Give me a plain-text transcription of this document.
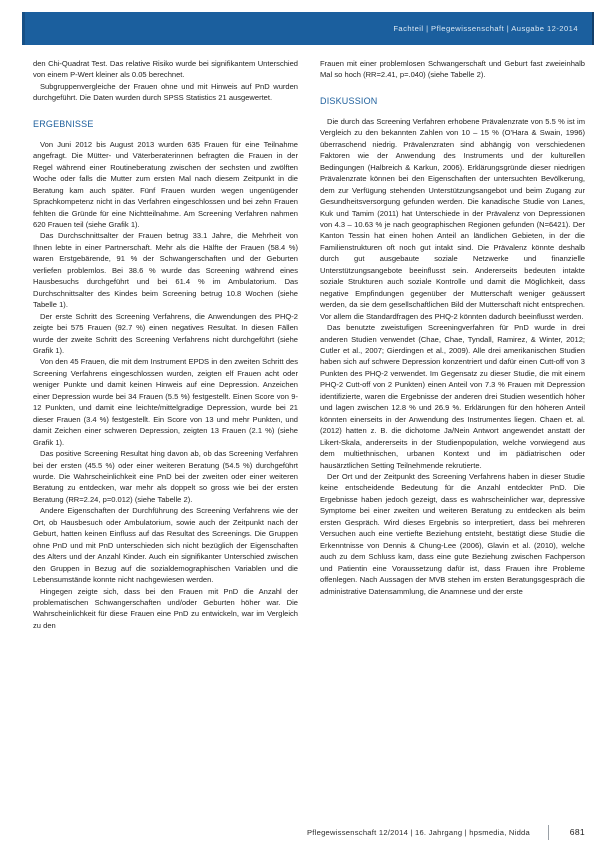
Fachteil | Pflegewissenschaft | Ausgabe 12-2014

den Chi-Quadrat Test. Das relative Risiko wurde bei signifikantem Unterschied von einem P-Wert kleiner als 0.05 berechnet.

Subgruppenvergleiche der Frauen ohne und mit Hinweis auf PnD wurden durchgeführt. Die Daten wurden durch SPSS Statistics 21 ausgewertet.

ergebnisse

Von Juni 2012 bis August 2013 wurden 635 Frauen für eine Teilnahme angefragt. Die Mütter- und Väterberaterinnen befragten die Frauen in der Regel während einer Routineberatung zwischen der sechsten und zwölften Woche oder falls die Mutter zum ersten Mal nach diesem Zeitpunkt in die Beratung kam auch später. Fünf Frauen wurden wegen ungenügender Sprachkompetenz nicht in das Verfahren eingeschlossen und bei zehn Frauen fehlten die Gründe für eine Nichtteilnahme. Am Screening Verfahren nahmen 620 Frauen teil (siehe Grafik 1).

Das Durchschnittsalter der Frauen betrug 33.1 Jahre, die Mehrheit von Ihnen lebte in einer Partnerschaft. Mehr als die Hälfte der Frauen (58.4 %) waren Erstgebärende, 91 % der Schwangerschaften und der Geburten verliefen problemlos. Bei 38.6 % wurde das Screening während eines Hausbesuchs durchgeführt und bei 61.4 % im Ambulatorium. Das Durchschnittsalter des Kindes beim Screening betrug 10.8 Wochen (siehe Tabelle 1).

Der erste Schritt des Screening Verfahrens, die Anwendungen des PHQ-2 zeigte bei 575 Frauen (92.7 %) einen negatives Resultat. In diesen Fällen wurde der zweite Schritt des Screening Verfahrens nicht durchgeführt (siehe Grafik 1).

Von den 45 Frauen, die mit dem Instrument EPDS in den zweiten Schritt des Screening Verfahrens eingeschlossen wurden, zeigten elf Frauen acht oder weniger Punkte und damit keinen Hinweis auf eine Depression. Anzeichen einer Depression wurde bei 34 Frauen (5.5 %) festgestellt. Einen Score von 9-12 Punkten, und damit eine leichte/mittelgradige Depression, wurde bei 21 dieser Frauen (3.4 %) festgestellt. Ein Score von 13 und mehr Punkten, und damit Zeichen einer schweren Depression, zeigten 13 Frauen (2.1 %) (siehe Grafik 1).

Das positive Screening Resultat hing davon ab, ob das Screening Verfahren bei der ersten (45.5 %) oder einer weiteren Beratung (54.5 %) durchgeführt wurde. Die Wahrscheinlichkeit eine PnD bei der zweiten oder einer weiteren Beratung zu entdecken, war mehr als doppelt so gross wie bei der ersten Beratung (RR=2.24, p=0.012) (siehe Tabelle 2).

Andere Eigenschaften der Durchführung des Screening Verfahrens wie der Ort, ob Hausbesuch oder Ambulatorium, sowie auch der Zeitpunkt nach der Geburt, hatten keinen Einfluss auf das Resultat des Screenings. Die Gruppen ohne PnD und mit PnD unterschieden sich nicht bezüglich der Eigenschaften des Alters und der Anzahl Kinder. Auch ein signifikanter Unterschied zwischen den Gruppen in Bezug auf die sozialdemographischen Variablen und die Lebensumstände konnte nicht nachgewiesen werden.

Hingegen zeigte sich, dass bei den Frauen mit PnD die Anzahl der problematischen Schwangerschaften und/oder Geburten höher war. Die Wahrscheinlichkeit für diese Frauen eine PnD zu entwickeln, war im Vergleich zu den

Frauen mit einer problemlosen Schwangerschaft und Geburt fast zweieinhalb Mal so hoch (RR=2.41, p=.040) (siehe Tabelle 2).

diskussion

Die durch das Screening Verfahren erhobene Prävalenzrate von 5.5 % ist im Vergleich zu den bekannten Zahlen von 10 – 15 % (O'Hara & Swain, 1996) überraschend niedrig. Prävalenzraten sind abhängig von verschiedenen Faktoren wie der Anwendung des Instruments und der kulturellen Bedingungen (Halbreich & Karkun, 2006). Erklärungsgründe dieser niedrigen Prävalenzrate können bei den Eigenschaften der untersuchten Bevölkerung, dem zur Verfügung stehenden Unterstützungsangebot und beim Zugang zur Gesundheitsversorgung gefunden werden. Die kanadische Studie von Lanes, Kuk und Tamim (2011) hat Unterschiede in der Prävalenz von Depressionen von 4.3 – 10.63 % je nach geographischen Regionen gefunden (N=6421). Der Kanton Tessin hat einen hohen Anteil an ländlichen Gebieten, in der die Familienstrukturen oft noch gut intakt sind. Die Prävalenz könnte deshalb durch gut ausgebaute soziale Netzwerke und finanzielle Unterstützungsangebote beeinflusst sein. Andererseits bedeuten intakte soziale Strukturen auch soziale Kontrolle und damit die Möglichkeit, dass negative Empfindungen gegenüber der Mutterschaft weniger geäussert werden, da sie dem gesellschaftlichen Bild der Mutterschaft nicht entsprechen. Vor allem die Standardfragen des PHQ-2 könnten dadurch beeinflusst werden.

Das benutzte zweistufigen Screeningverfahren für PnD wurde in drei anderen Studien verwendet (Chae, Chae, Tyndall, Ramirez, & Winter, 2012; Cutler et al., 2007; Gierdingen et al., 2009). Alle drei amerikanischen Studien haben sich auf schwere Depression konzentriert und dafür einen Cutt-off von 3 Punkten des PHQ-2 verwendet. Im Gegensatz zu dieser Studie, die mit einem PHQ-2 Cutt-off von 2 Punkten) einen Anteil von 7.3 % Frauen mit Depression identifizierte, waren die Ergebnisse der anderen drei Studien wesentlich höher und lagen zwischen 12.8 % und 26.9 %. Erklärungen für den höheren Anteil könnten einerseits in der Anwendung des Instrumentes liegen. Chaen et. al. (2012) hatten z. B. die dichotome Ja/Nein Antwort angewendet anstatt der Likert-Skala, andererseits in der Studienpopulation, welche vorwiegend aus dem multiethnischen, urbanen Kontext und im pädiatrischen oder hausärztlichen Setting Teilnehmende rekrutierte.

Der Ort und der Zeitpunkt des Screening Verfahrens haben in dieser Studie keine entscheidende Bedeutung für die Anzahl entdeckter PnD. Die Ergebnisse haben jedoch gezeigt, dass es wahrscheinlicher war, depressive Symptome bei einer zweiten und weiteren Beratung zu entdecken als beim ersten Gespräch. Wird dieses Ergebnis so interpretiert, dass bei mehreren Versuchen auch eine vertiefte Beziehung entsteht, bestätigt diese Studie die Erkenntnisse von Dennis & Chung-Lee (2006), Glavin et al. (2010), welche auch zu dem Schluss kam, dass eine gute Beziehung zwischen Fachperson und Patientin eine Voraussetzung dafür ist, dass Frauen ihre Probleme offenlegen. Nach Aussagen der MVB stehen im ersten Beratungsgespräch die administrative Datensammlung, die Anamnese und der erste

Pflegewissenschaft 12/2014 | 16. Jahrgang | hpsmedia, Nidda	681
